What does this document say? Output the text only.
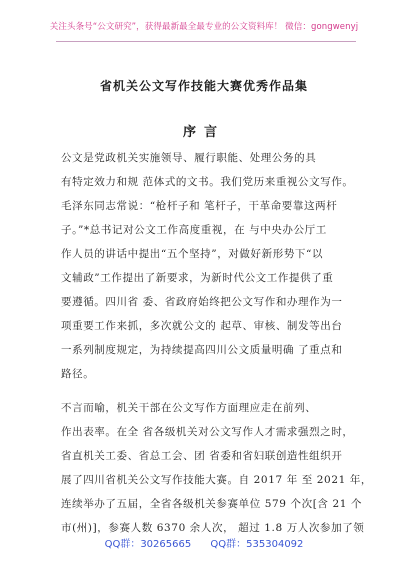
关注头条号“公文研究”，获得最新最全最专业的公文资料库！ 微信：gongwenyj
省机关公文写作技能大赛优秀作品集
序言
公文是党政机关实施领导、履行职能、处理公务的具
有特定效力和规 范体式的文书。我们党历来重视公文写作。
毛泽东同志常说：“枪杆子和 笔杆子，干革命要靠这两杆
子。”*总书记对公文工作高度重视，在 与中央办公厅工
作人员的讲话中提出“五个坚持”，对做好新形势下“以
文辅政”工作提出了新要求，为新时代公文工作提供了重
要遵循。四川省 委、省政府始终把公文写作和办理作为一
项重要工作来抓，多次就公文的 起草、审核、制发等出台
一系列制度规定，为持续提高四川公文质量明确 了重点和
路径。
不言而喻，机关干部在公文写作方面理应走在前列、
作出表率。在全 省各级机关对公文写作人才需求强烈之时，
省直机关工委、省总工会、团 省委和省妇联创造性组织开
展了四川省机关公文写作技能大赛。自 2017 年 至 2021 年，
连续举办了五届，全省各级机关参赛单位 579 个次[含 21 个
市(州)]，参赛人数 6370 余人次， 超过 1.8 万人次参加了领
QQ群：30265665 QQ群：535304092
